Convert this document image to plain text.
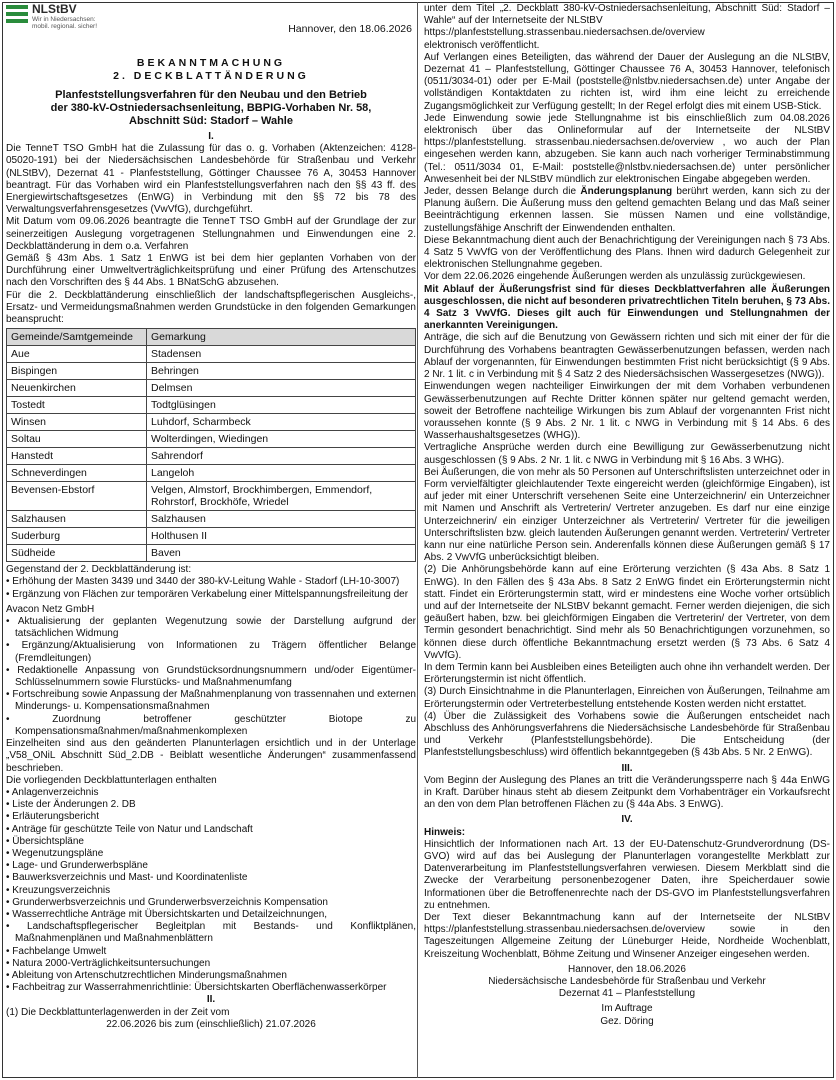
NLStBV
Wir in Niedersachsen:
mobil. regional. sicher!	Hannover, den 18.06.2026
BEKANNTMACHUNG
2. DECKBLATTÄNDERUNG
Planfeststellungsverfahren für den Neubau und den Betrieb
der 380-kV-Ostniedersachsenleitung, BBPIG-Vorhaben Nr. 58,
Abschnitt Süd: Stadorf – Wahle
I.
Die TenneT TSO GmbH hat die Zulassung für das o. g. Vorhaben (Aktenzeichen: 4128-05020-191) bei der Niedersächsischen Landesbehörde für Straßenbau und Verkehr (NLStBV), Dezernat 41 - Planfeststellung, Göttinger Chaussee 76 A, 30453 Hannover beantragt. Für das Vorhaben wird ein Planfeststellungsverfahren nach den §§ 43 ff. des Energiewirtschaftsgesetzes (EnWG) in Verbindung mit den §§ 72 bis 78 des Verwaltungsverfahrensgesetzes (VwVfG), durchgeführt.
Mit Datum vom 09.06.2026 beantragte die TenneT TSO GmbH auf der Grundlage der zur seinerzeitigen Auslegung vorgetragenen Stellungnahmen und Einwendungen eine 2. Deckblattänderung in dem o.a. Verfahren
Gemäß § 43m Abs. 1 Satz 1 EnWG ist bei dem hier geplanten Vorhaben von der Durchführung einer Umweltverträglichkeitsprüfung und einer Prüfung des Artenschutzes nach den Vorschriften des § 44 Abs. 1 BNatSchG abzusehen.
Für die 2. Deckblattänderung einschließlich der landschaftspflegerischen Ausgleichs-, Ersatz- und Vermeidungsmaßnahmen werden Grundstücke in den folgenden Gemarkungen beansprucht:
Gemeinde/Samtgemeinde	Gemarkung
Aue	Stadensen
Bispingen	Behringen
Neuenkirchen	Delmsen
Tostedt	Todtglüsingen
Winsen	Luhdorf, Scharmbeck
Soltau	Wolterdingen, Wiedingen
Hanstedt	Sahrendorf
Schneverdingen	Langeloh
Bevensen-Ebstorf	Velgen, Almstorf, Brockhimbergen, Emmendorf, Rohrstorf, Brockhöfe, Wriedel
Salzhausen	Salzhausen
Suderburg	Holthusen II
Südheide	Baven
Gegenstand der 2. Deckblattänderung ist:
• Erhöhung der Masten 3439 und 3440 der 380-kV-Leitung Wahle - Stadorf (LH-10-3007)
• Ergänzung von Flächen zur temporären Verkabelung einer Mittelspannungsfreileitung der
Avacon Netz GmbH
• Aktualisierung der geplanten Wegenutzung sowie der Darstellung aufgrund der tatsächlichen Widmung
• Ergänzung/Aktualisierung von Informationen zu Trägern öffentlicher Belange (Fremdleitungen)
• Redaktionelle Anpassung von Grundstücksordnungsnummern und/oder Eigentümer-Schlüsselnummern sowie Flurstücks- und Maßnahmenumfang
• Fortschreibung sowie Anpassung der Maßnahmenplanung von trassennahen und externen Minderungs- u. Kompensationsmaßnahmen
• Zuordnung betroffener geschützter Biotope zu Kompensationsmaßnahmen/maßnahmenkomplexen
Einzelheiten sind aus den geänderten Planunterlagen ersichtlich und in der Unterlage „V58_ONiL Abschnitt Süd_2.DB - Beiblatt wesentliche Änderungen“ zusammenfassend beschrieben.
Die vorliegenden Deckblattunterlagen enthalten
• Anlagenverzeichnis
• Liste der Änderungen 2. DB
• Erläuterungsbericht
• Anträge für geschützte Teile von Natur und Landschaft
• Übersichtspläne
• Wegenutzungspläne
• Lage- und Grunderwerbspläne
• Bauwerksverzeichnis und Mast- und Koordinatenliste
• Kreuzungsverzeichnis
• Grunderwerbsverzeichnis und Grunderwerbsverzeichnis Kompensation
• Wasserrechtliche Anträge mit Übersichtskarten und Detailzeichnungen,
• Landschaftspflegerischer Begleitplan mit Bestands- und Konfliktplänen, Maßnahmenplänen und Maßnahmenblättern
• Fachbelange Umwelt
• Natura 2000-Verträglichkeitsuntersuchungen
• Ableitung von Artenschutzrechtlichen Minderungsmaßnahmen
• Fachbeitrag zur Wasserrahmenrichtlinie: Übersichtskarten Oberflächenwasserkörper
II.
(1) Die Deckblattunterlagenwerden in der Zeit vom
22.06.2026 bis zum (einschließlich) 21.07.2026
unter dem Titel „2. Deckblatt 380-kV-Ostniedersachsenleitung, Abschnitt Süd: Stadorf – Wahle“ auf der Internetseite der NLStBV
https://planfeststellung.strassenbau.niedersachsen.de/overview
elektronisch veröffentlicht.
Auf Verlangen eines Beteiligten, das während der Dauer der Auslegung an die NLStBV, Dezernat 41 – Planfeststellung, Göttinger Chaussee 76 A, 30453 Hannover, telefonisch (0511/3034-01) oder per E-Mail (poststelle@nlstbv.niedersachsen.de) unter Angabe der vollständigen Kontaktdaten zu richten ist, wird ihm eine leicht zu erreichende Zugangsmöglichkeit zur Verfügung gestellt; In der Regel erfolgt dies mit einem USB-Stick.
Jede Einwendung sowie jede Stellungnahme ist bis einschließlich zum 04.08.2026 elektronisch über das Onlineformular auf der Internetseite der NLStBV https://planfeststellung. strassenbau.niedersachsen.de/overview , wo auch der Plan eingesehen werden kann, abzugeben. Sie kann auch nach vorheriger Terminabstimmung (Tel.: 0511/3034 01, E-Mail: poststelle@nlstbv.niedersachsen.de) unter persönlicher Anwesenheit bei der NLStBV mündlich zur elektronischen Eingabe abgegeben werden.
Jeder, dessen Belange durch die Änderungsplanung berührt werden, kann sich zu der Planung äußern. Die Äußerung muss den geltend gemachten Belang und das Maß seiner Beeinträchtigung erkennen lassen. Sie müssen Namen und eine vollständige, zustellungsfähige Anschrift der Einwendenden enthalten.
Diese Bekanntmachung dient auch der Benachrichtigung der Vereinigungen nach § 73 Abs. 4 Satz 5 VwVfG von der Veröffentlichung des Plans. Ihnen wird dadurch Gelegenheit zur elektronischen Stellungnahme gegeben.
Vor dem 22.06.2026 eingehende Äußerungen werden als unzulässig zurückgewiesen.
Mit Ablauf der Äußerungsfrist sind für dieses Deckblattverfahren alle Äußerungen ausgeschlossen, die nicht auf besonderen privatrechtlichen Titeln beruhen, § 73 Abs. 4 Satz 3 VwVfG. Dieses gilt auch für Einwendungen und Stellungnahmen der anerkannten Vereinigungen.
Anträge, die sich auf die Benutzung von Gewässern richten und sich mit einer der für die Durchführung des Vorhabens beantragten Gewässerbenutzungen befassen, werden nach Ablauf der vorgenannten, für Einwendungen bestimmten Frist nicht berücksichtigt (§ 9 Abs. 2 Nr. 1 lit. c in Verbindung mit § 4 Satz 2 des Niedersächsischen Wassergesetzes (NWG)).
Einwendungen wegen nachteiliger Einwirkungen der mit dem Vorhaben verbundenen Gewässerbenutzungen auf Rechte Dritter können später nur geltend gemacht werden, soweit der Betroffene nachteilige Wirkungen bis zum Ablauf der vorgenannten Frist nicht voraussehen konnte (§ 9 Abs. 2 Nr. 1 lit. c NWG in Verbindung mit § 14 Abs. 6 des Wasserhaushaltsgesetzes (WHG)).
Vertragliche Ansprüche werden durch eine Bewilligung zur Gewässerbenutzung nicht ausgeschlossen (§ 9 Abs. 2 Nr. 1 lit. c NWG in Verbindung mit § 16 Abs. 3 WHG).
Bei Äußerungen, die von mehr als 50 Personen auf Unterschriftslisten unterzeichnet oder in Form vervielfältigter gleichlautender Texte eingereicht werden (gleichförmige Eingaben), ist auf jeder mit einer Unterschrift versehenen Seite eine Unterzeichnerin/ ein Unterzeichner mit Namen und Anschrift als Vertreterin/ Vertreter anzugeben. Es darf nur eine einzige Unterzeichnerin/ ein einziger Unterzeichner als Vertreterin/ Vertreter für die jeweiligen Unterschriftslisten bzw. gleich lautenden Äußerungen genannt werden. Vertreterin/ Vertreter kann nur eine natürliche Person sein. Anderenfalls können diese Äußerungen gemäß § 17 Abs. 2 VwVfG unberücksichtigt bleiben.
(2) Die Anhörungsbehörde kann auf eine Erörterung verzichten (§ 43a Abs. 8 Satz 1 EnWG). In den Fällen des § 43a Abs. 8 Satz 2 EnWG findet ein Erörterungstermin nicht statt. Findet ein Erörterungstermin statt, wird er mindestens eine Woche vorher ortsüblich und auf der Internetseite der NLStBV bekannt gemacht. Ferner werden diejenigen, die sich geäußert haben, bzw. bei gleichförmigen Eingaben die Vertreterin/ der Vertreter, von dem Termin gesondert benachrichtigt. Sind mehr als 50 Benachrichtigungen vorzunehmen, so können diese durch öffentliche Bekanntmachung ersetzt werden (§ 73 Abs. 6 Satz 4 VwVfG).
In dem Termin kann bei Ausbleiben eines Beteiligten auch ohne ihn verhandelt werden. Der Erörterungstermin ist nicht öffentlich.
(3) Durch Einsichtnahme in die Planunterlagen, Einreichen von Äußerungen, Teilnahme am Erörterungstermin oder Vertreterbestellung entstehende Kosten werden nicht erstattet.
(4) Über die Zulässigkeit des Vorhabens sowie die Äußerungen entscheidet nach Abschluss des Anhörungsverfahrens die Niedersächsische Landesbehörde für Straßenbau und Verkehr (Planfeststellungsbehörde). Die Entscheidung (der Planfeststellungsbeschluss) wird öffentlich bekanntgegeben (§ 43b Abs. 5 Nr. 2 EnWG).
III.
Vom Beginn der Auslegung des Planes an tritt die Veränderungssperre nach § 44a EnWG in Kraft. Darüber hinaus steht ab diesem Zeitpunkt dem Vorhabenträger ein Vorkaufsrecht an den von dem Plan betroffenen Flächen zu (§ 44a Abs. 3 EnWG).
IV.
Hinweis:
Hinsichtlich der Informationen nach Art. 13 der EU-Datenschutz-Grundverordnung (DS-GVO) wird auf das bei Auslegung der Planunterlagen vorangestellte Merkblatt zur Datenverarbeitung im Planfeststellungsverfahren verwiesen. Diesem Merkblatt sind die Zwecke der Verarbeitung personenbezogener Daten, ihre Speicherdauer sowie Informationen über die Betroffenenrechte nach der DS-GVO im Planfeststellungsverfahren zu entnehmen.
Der Text dieser Bekanntmachung kann auf der Internetseite der NLStBV https://planfeststellung.strassenbau.niedersachsen.de/overview sowie in den Tageszeitungen Allgemeine Zeitung der Lüneburger Heide, Nordheide Wochenblatt, Kreiszeitung Wochenblatt, Böhme Zeitung und Winsener Anzeiger eingesehen werden.
Hannover, den 18.06.2026
Niedersächsische Landesbehörde für Straßenbau und Verkehr
Dezernat 41 – Planfeststellung
Im Auftrage
Gez. Döring
